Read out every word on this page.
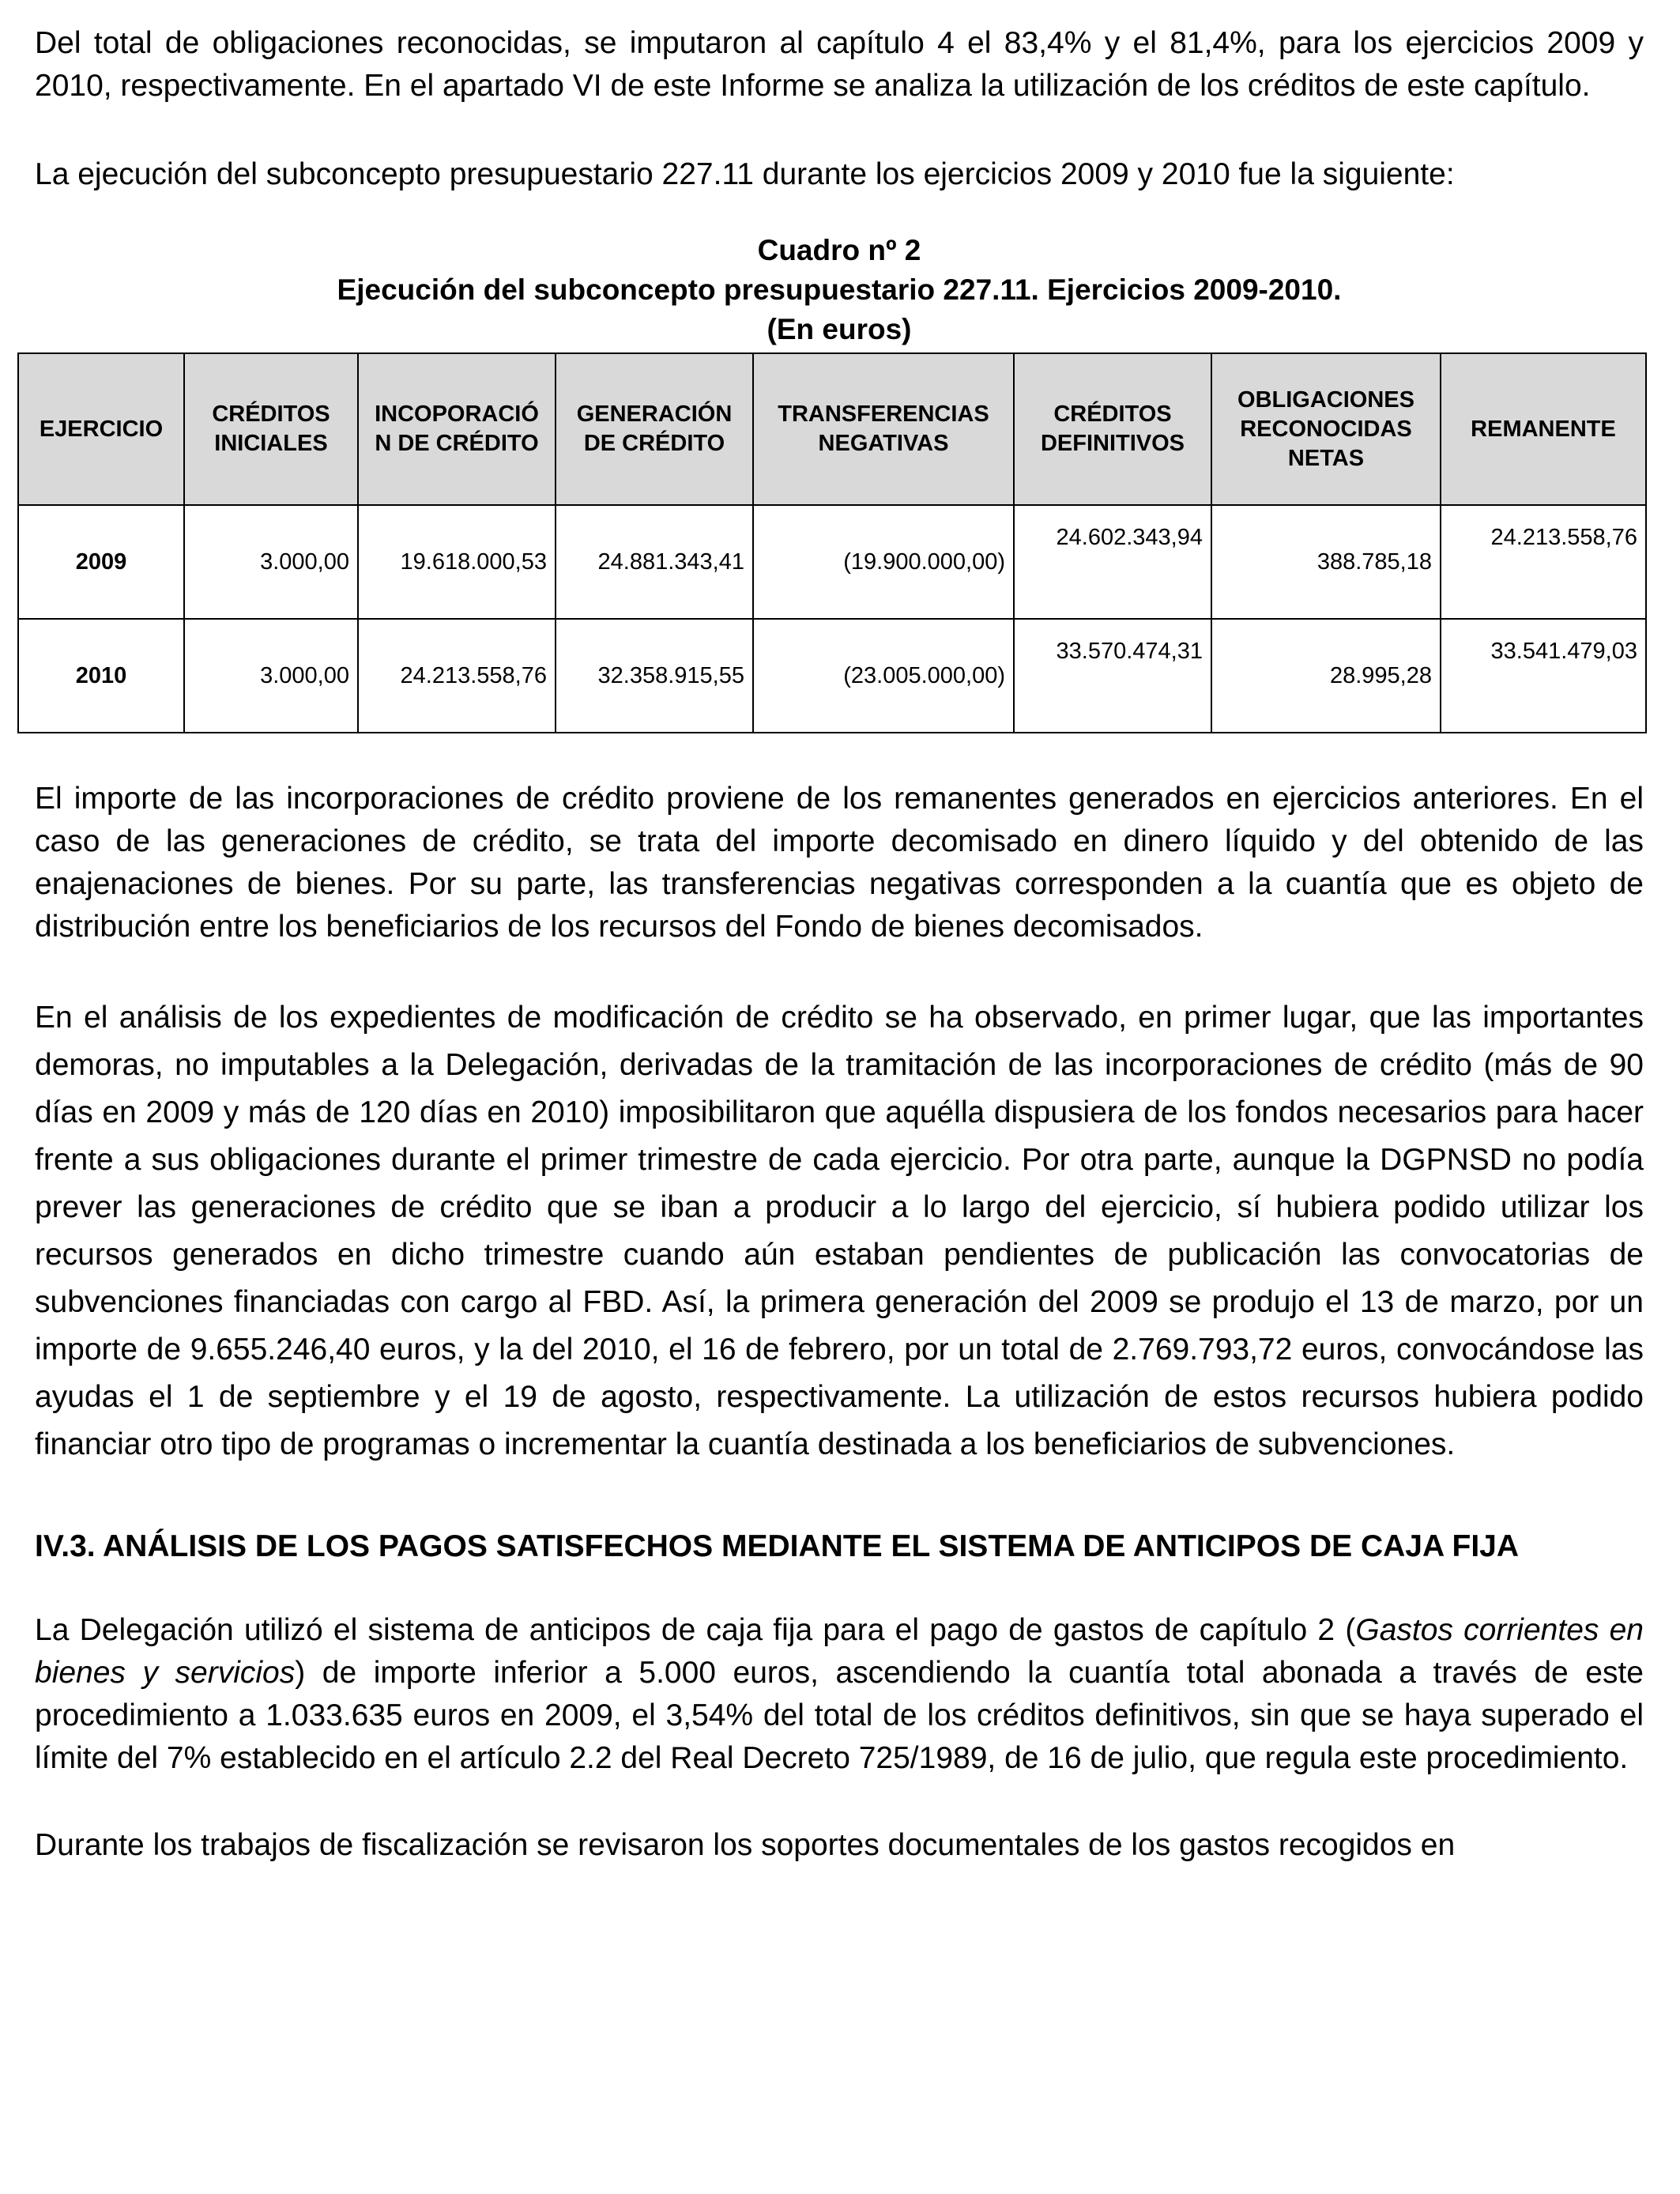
Del total de obligaciones reconocidas, se imputaron al capítulo 4 el 83,4% y el 81,4%, para los ejercicios 2009 y 2010, respectivamente. En el apartado VI de este Informe se analiza la utilización de los créditos de este capítulo.

La ejecución del subconcepto presupuestario 227.11 durante los ejercicios 2009 y 2010 fue la siguiente:

Cuadro nº 2

Ejecución del subconcepto presupuestario 227.11. Ejercicios 2009-2010.

(En euros)

EJERCICIO	CRÉDITOS INICIALES	INCOPORACIÓN DE CRÉDITO	GENERACIÓN DE CRÉDITO	TRANSFERENCIAS NEGATIVAS	CRÉDITOS DEFINITIVOS	OBLIGACIONES RECONOCIDAS NETAS	REMANENTE
2009	3.000,00	19.618.000,53	24.881.343,41	(19.900.000,00)	24.602.343,94	388.785,18	24.213.558,76
2010	3.000,00	24.213.558,76	32.358.915,55	(23.005.000,00)	33.570.474,31	28.995,28	33.541.479,03

El importe de las incorporaciones de crédito proviene de los remanentes generados en ejercicios anteriores. En el caso de las generaciones de crédito, se trata del importe decomisado en dinero líquido y del obtenido de las enajenaciones de bienes. Por su parte, las transferencias negativas corresponden a la cuantía que es objeto de distribución entre los beneficiarios de los recursos del Fondo de bienes decomisados.

En el análisis de los expedientes de modificación de crédito se ha observado, en primer lugar, que las importantes demoras, no imputables a la Delegación, derivadas de la tramitación de las incorporaciones de crédito (más de 90 días en 2009 y más de 120 días en 2010) imposibilitaron que aquélla dispusiera de los fondos necesarios para hacer frente a sus obligaciones durante el primer trimestre de cada ejercicio. Por otra parte, aunque la DGPNSD no podía prever las generaciones de crédito que se iban a producir a lo largo del ejercicio, sí hubiera podido utilizar los recursos generados en dicho trimestre cuando aún estaban pendientes de publicación las convocatorias de subvenciones financiadas con cargo al FBD. Así, la primera generación del 2009 se produjo el 13 de marzo, por un importe de 9.655.246,40 euros, y la del 2010, el 16 de febrero, por un total de 2.769.793,72 euros, convocándose las ayudas el 1 de septiembre y el 19 de agosto, respectivamente. La utilización de estos recursos hubiera podido financiar otro tipo de programas o incrementar la cuantía destinada a los beneficiarios de subvenciones.

IV.3. ANÁLISIS DE LOS PAGOS SATISFECHOS MEDIANTE EL SISTEMA DE ANTICIPOS DE CAJA FIJA

La Delegación utilizó el sistema de anticipos de caja fija para el pago de gastos de capítulo 2 (Gastos corrientes en bienes y servicios) de importe inferior a 5.000 euros, ascendiendo la cuantía total abonada a través de este procedimiento a 1.033.635 euros en 2009, el 3,54% del total de los créditos definitivos, sin que se haya superado el límite del 7% establecido en el artículo 2.2 del Real Decreto 725/1989, de 16 de julio, que regula este procedimiento.

Durante los trabajos de fiscalización se revisaron los soportes documentales de los gastos recogidos en
